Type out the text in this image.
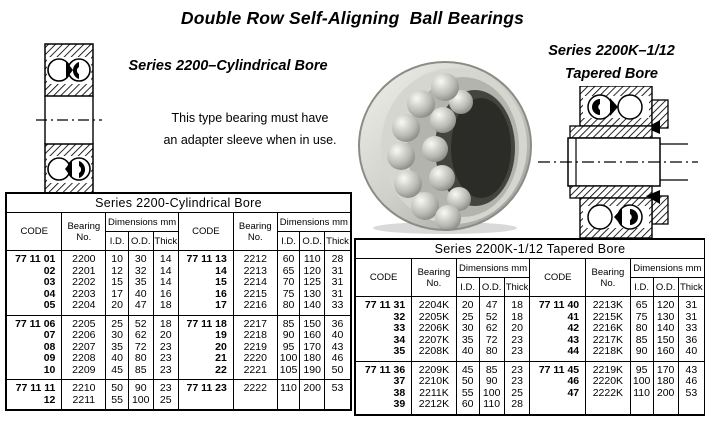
Double Row Self-Aligning  Ball Bearings
Series 2200–Cylindrical Bore
Series 2200K–1/12
Tapered Bore
This type bearing must have
an adapter sleeve when in use.
Series 2200-Cylindrical Bore									
CODE	Bearing
No.
	Dimensions mm	CODE	Bearing
No.
	Dimensions mm
		I.D.	O.D.	Thick			I.D.	O.D.	Thick
77 11 01	2200	10	30	14	77 11 13	2212	60	110	28
02	2201	12	32	14	14	2213	65	120	31
03	2202	15	35	14	15	2214	70	125	31
04	2203	17	40	16	16	2215	75	130	31
05	2204	20	47	18	17	2216	80	140	33
77 11 06	2205	25	52	18	77 11 18	2217	85	150	36
07	2206	30	62	20	19	2218	90	160	40
08	2207	35	72	23	20	2219	95	170	43
09	2208	40	80	23	21	2220	100	180	46
10	2209	45	85	23	22	2221	105	190	50
77 11 11	2210	50	90	23	77 11 23	2222	110	200	53
12	2211	55	100	25					
Series 2200K-1/12 Tapered Bore									
CODE	Bearing
No.
	Dimensions mm	CODE	Bearing
No.
	Dimensions mm
		I.D.	O.D.	Thick			I.D.	O.D.	Thick
77 11 31	2204K	20	47	18	77 11 40	2213K	65	120	31
32	2205K	25	52	18	41	2215K	75	130	31
33	2206K	30	62	20	42	2216K	80	140	33
34	2207K	35	72	23	43	2217K	85	150	36
35	2208K	40	80	23	44	2218K	90	160	40
77 11 36	2209K	45	85	23	77 11 45	2219K	95	170	43
37	2210K	50	90	23	46	2220K	100	180	46
38	2211K	55	100	25	47	2222K	110	200	53
39	2212K	60	110	28					
